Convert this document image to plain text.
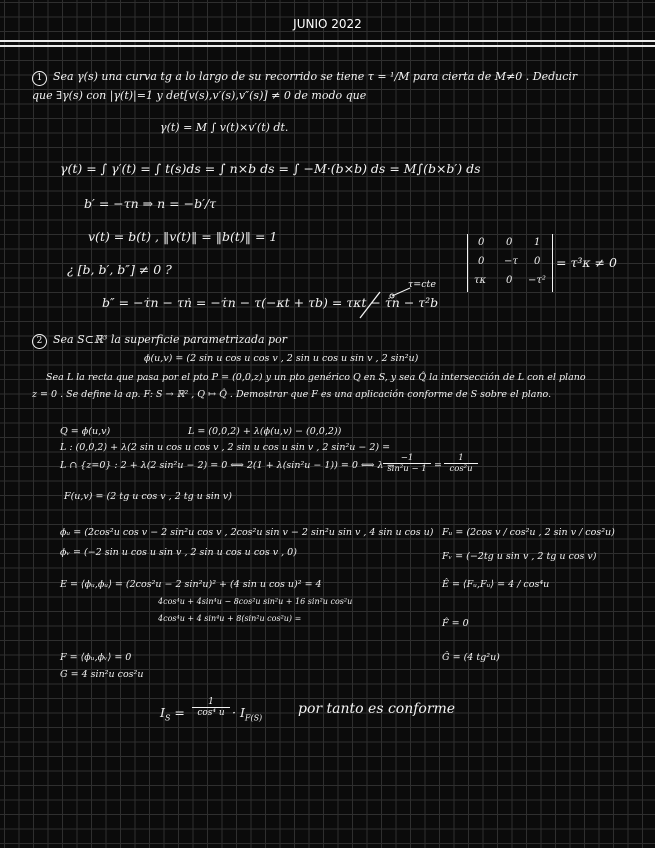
JUNIO 2022
1 Sea γ(s) una curva tg a lo largo de su recorrido se tiene τ = ¹/M para cierta de M≠0 . Deducir
que ∃γ(s) con |γ(t)|=1 y det[v(s),v′(s),v″(s)] ≠ 0 de modo que
γ(t) = M ∫ v(t)×v′(t) dt.
γ(t) = ∫ γ′(t) = ∫ t(s)ds = ∫ n×b ds = ∫ −M·(b×b) ds = M∫(b×b′) ds
b′ = −τn ⇒ n = −b′/τ
v(t) = b(t) , ‖v(t)‖ = ‖b(t)‖ = 1
¿ [b, b′, b″] ≠ 0 ?
τ=cte
b″ = −τ̇n − τṅ = −τ̇n − τ(−κt + τb) = τκt − τ̇n − τ²b
0 0 1
0 −τ 0
τκ 0 −τ²
= τ³κ ≠ 0
2 Sea S⊂ℝ³ la superficie parametrizada por
ϕ(u,v) = (2 sin u cos u cos v , 2 sin u cos u sin v , 2 sin²u)
Sea L la recta que pasa por el pto P = (0,0,z) y un pto genérico Q en S, y sea Q̂ la intersección de L con el plano
z = 0 . Se define la ap. F: S → ℝ² , Q ↦ Q̂ . Demostrar que F es una aplicación conforme de S sobre el plano.
Q = ϕ(u,v)	L = (0,0,2) + λ(ϕ(u,v) − (0,0,2))
L : (0,0,2) + λ(2 sin u cos u cos v , 2 sin u cos u sin v , 2 sin²u − 2) =
L ∩ {z=0} : 2 + λ(2 sin²u − 2) = 0 ⟺ 2(1 + λ(sin²u − 1)) = 0 ⟺ λ =
$\frac{-1}{\text{sin²u − 1}} = \frac{1}{\text{cos²u}}$
F(u,v) = (2 tg u cos v , 2 tg u sin v)
ϕᵤ = (2cos²u cos v − 2 sin²u cos v , 2cos²u sin v − 2 sin²u sin v , 4 sin u cos u)
ϕᵥ = (−2 sin u cos u sin v , 2 sin u cos u cos v , 0)
Fᵤ = (2cos v / cos²u , 2 sin v / cos²u)
Fᵥ = (−2tg u sin v , 2 tg u cos v)
E = ⟨ϕᵤ,ϕᵤ⟩ = (2cos²u − 2 sin²u)² + (4 sin u cos u)² = 4
4cos⁴u + 4sin⁴u − 8cos²u sin²u + 16 sin²u cos²u
4cos⁴u + 4 sin⁴u + 8(sin²u cos²u) =
Ê = ⟨Fᵤ,Fᵤ⟩ = 4 / cos⁴u
F̂ = 0
Ĝ = (4 tg²u)
F = ⟨ϕᵤ,ϕᵥ⟩ = 0
G = 4 sin²u cos²u
$I_S = \frac{1}{\text{cos⁴ u}} \cdot I_{F(S)}$
por tanto es conforme
